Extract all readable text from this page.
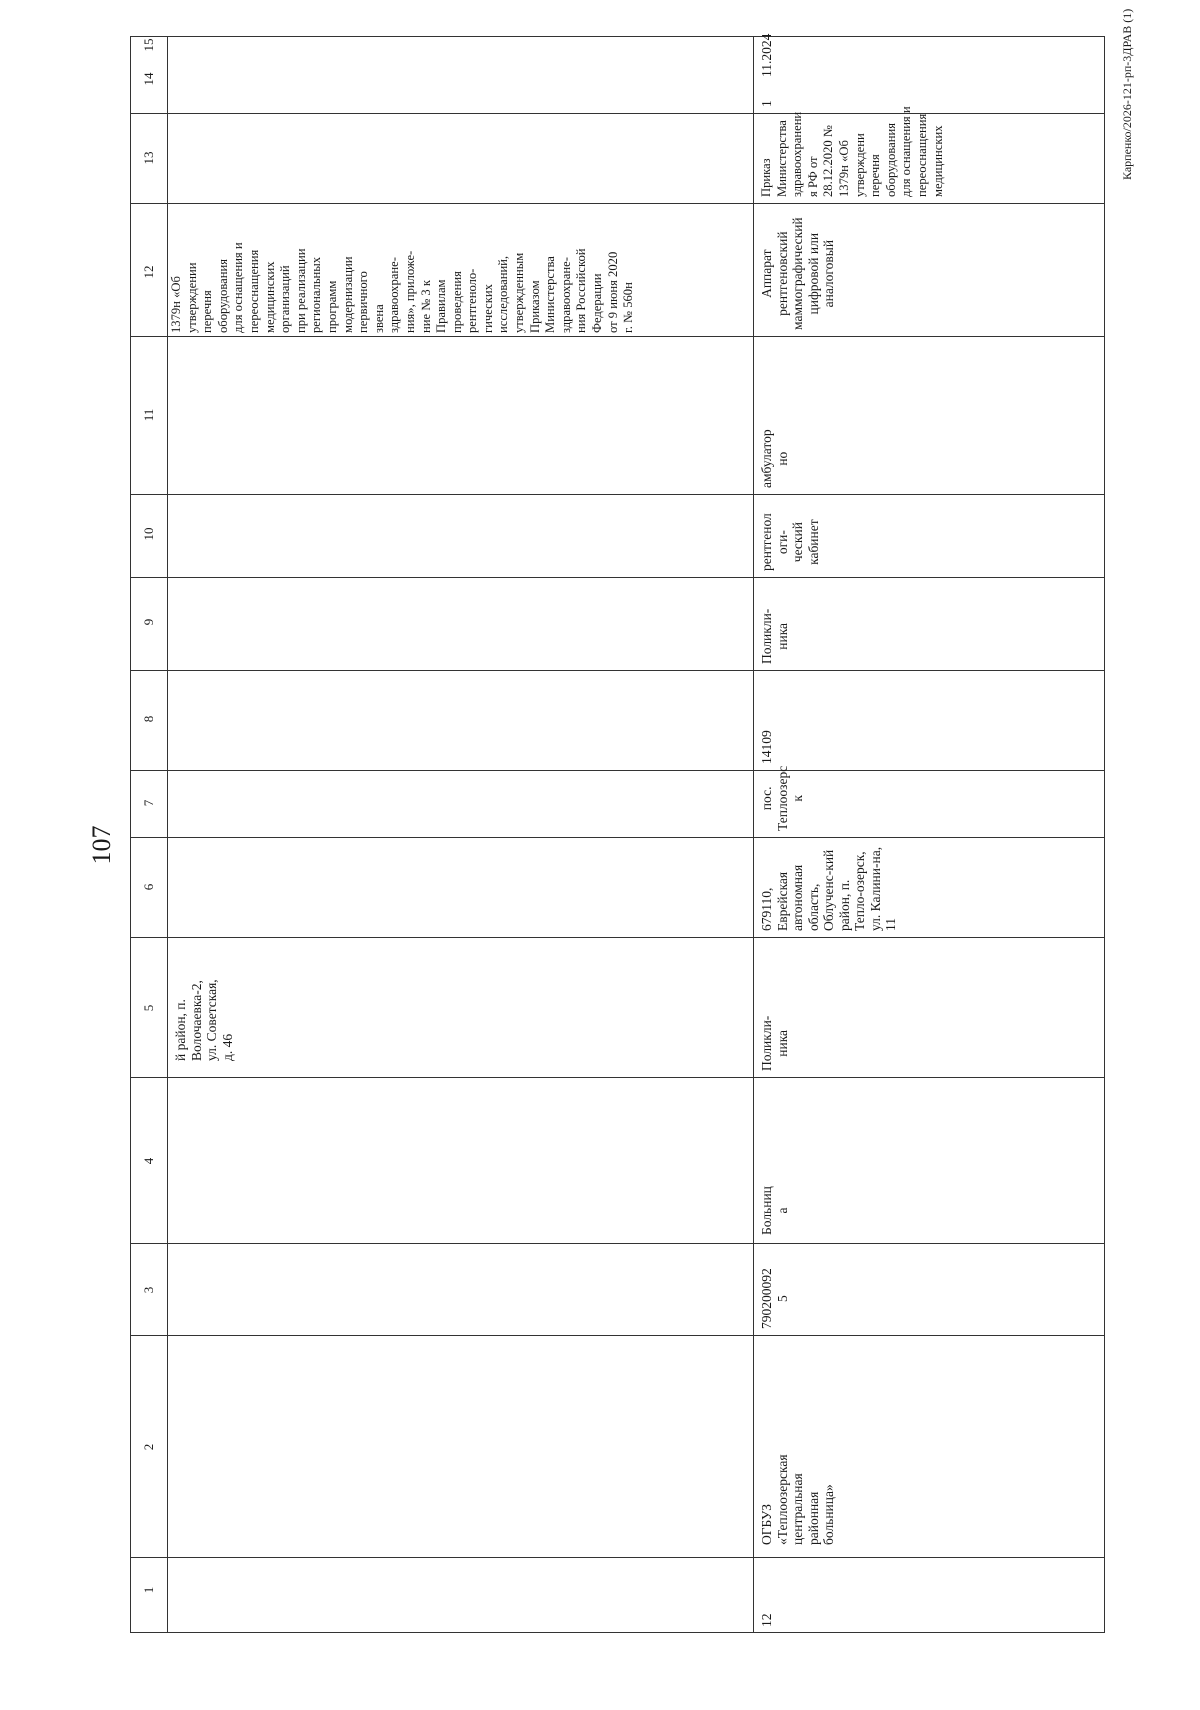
107
Карпенко/2026-121-рп-3ДРАВ (1)
1
2
3
4
5
6
7
8
9
10
11
12
13
14
15
й район, п. Волочаевка-2, ул. Советская, д. 46
1379н «Об утверждении перечня оборудования для оснащения и переоснащения медицинских организаций при реализации региональных программ модернизации первичного звена здравоохране- ния», приложе- ние № 3 к Правилам проведения рентгеноло- гических исследований, утвержденным Приказом Министерства здравоохране- ния Российской Федерации от 9 июня 2020 г. № 560н
12
ОГБУЗ «Теплоозерская центральная районная больница»
790200092 5
Больниц а
Поликли- ника
679110, Еврейская автономная область, Облученс-кий район, п. Тепло-озерск, ул. Калини-на, 11
пос. Теплоозерс к
14109
Поликли- ника
рентгенол оги- ческий кабинет
амбулатор но
Аппарат рентгеновский маммографический цифровой или аналоговый
Приказ Министерства здравоохранени я РФ от 28.12.2020 № 1379н «Об утверждени перечня оборудования для оснащения и переоснащения медицинских
1
11.2024
